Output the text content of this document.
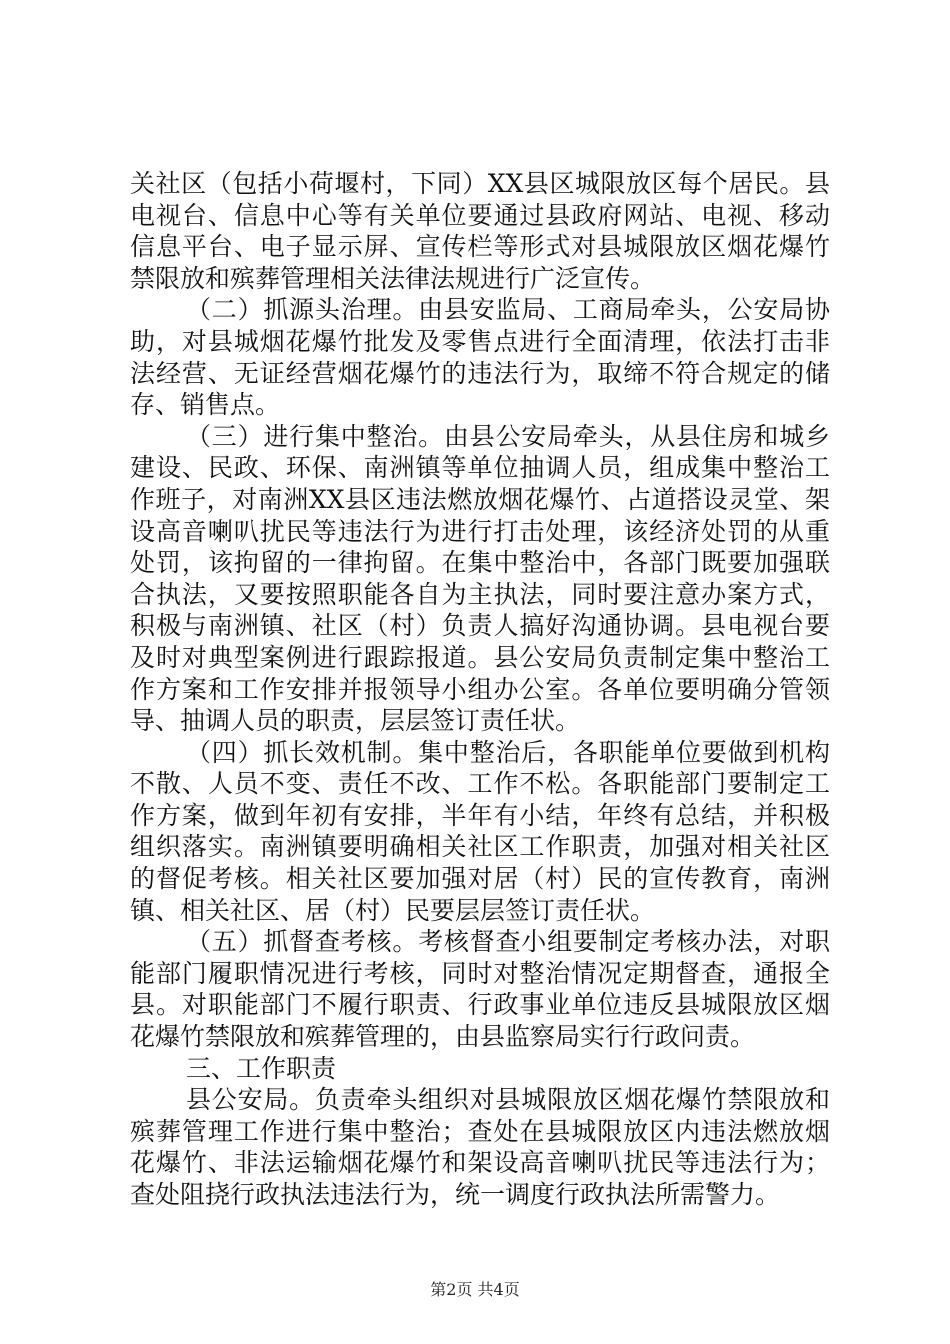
关社区（包括小荷堰村，下同）XX县区城限放区每个居民。县
电视台、信息中心等有关单位要通过县政府网站、电视、移动
信息平台、电子显示屏、宣传栏等形式对县城限放区烟花爆竹
禁限放和殡葬管理相关法律法规进行广泛宣传。
（二）抓源头治理。由县安监局、工商局牵头，公安局协
助，对县城烟花爆竹批发及零售点进行全面清理，依法打击非
法经营、无证经营烟花爆竹的违法行为，取缔不符合规定的储
存、销售点。
（三）进行集中整治。由县公安局牵头，从县住房和城乡
建设、民政、环保、南洲镇等单位抽调人员，组成集中整治工
作班子，对南洲XX县区违法燃放烟花爆竹、占道搭设灵堂、架
设高音喇叭扰民等违法行为进行打击处理，该经济处罚的从重
处罚，该拘留的一律拘留。在集中整治中，各部门既要加强联
合执法，又要按照职能各自为主执法，同时要注意办案方式，
积极与南洲镇、社区（村）负责人搞好沟通协调。县电视台要
及时对典型案例进行跟踪报道。县公安局负责制定集中整治工
作方案和工作安排并报领导小组办公室。各单位要明确分管领
导、抽调人员的职责，层层签订责任状。
（四）抓长效机制。集中整治后，各职能单位要做到机构
不散、人员不变、责任不改、工作不松。各职能部门要制定工
作方案，做到年初有安排，半年有小结，年终有总结，并积极
组织落实。南洲镇要明确相关社区工作职责，加强对相关社区
的督促考核。相关社区要加强对居（村）民的宣传教育，南洲
镇、相关社区、居（村）民要层层签订责任状。
（五）抓督查考核。考核督查小组要制定考核办法，对职
能部门履职情况进行考核，同时对整治情况定期督查，通报全
县。对职能部门不履行职责、行政事业单位违反县城限放区烟
花爆竹禁限放和殡葬管理的，由县监察局实行行政问责。
三、工作职责
县公安局。负责牵头组织对县城限放区烟花爆竹禁限放和
殡葬管理工作进行集中整治；查处在县城限放区内违法燃放烟
花爆竹、非法运输烟花爆竹和架设高音喇叭扰民等违法行为；
查处阻挠行政执法违法行为，统一调度行政执法所需警力。
第2页 共4页
